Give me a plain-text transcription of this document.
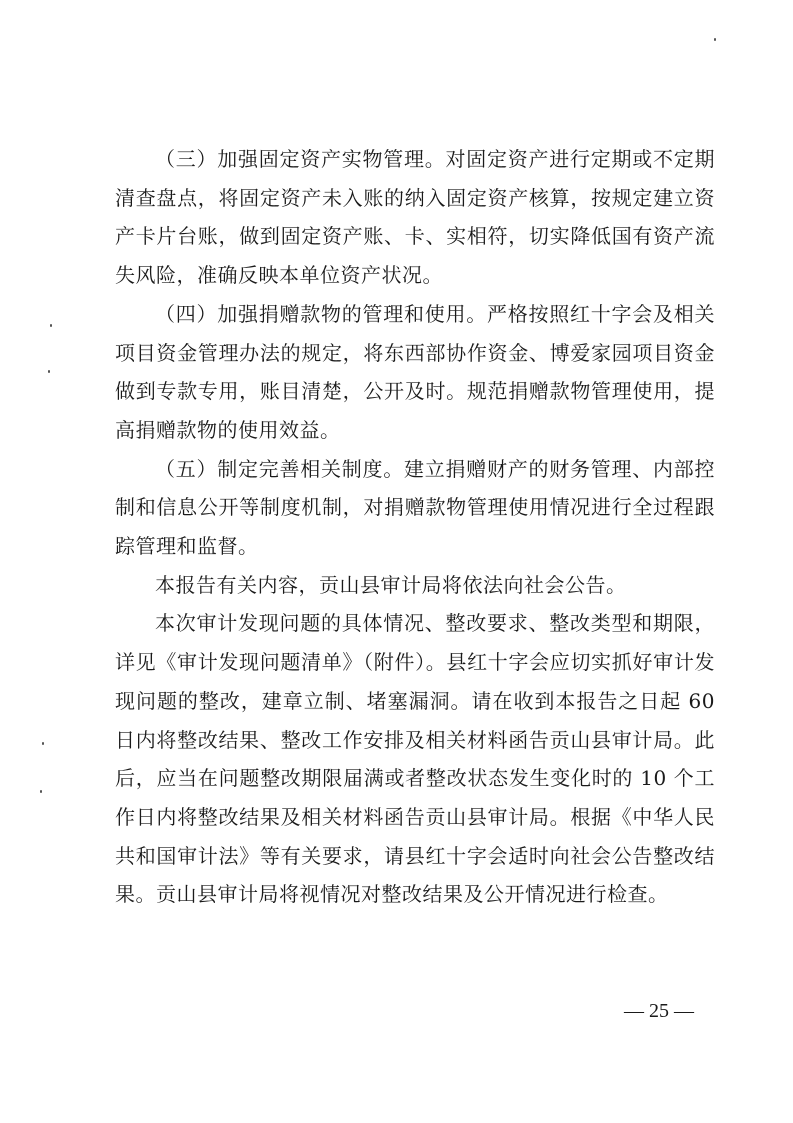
（三）加强固定资产实物管理。对固定资产进行定期或不定期清查盘点，将固定资产未入账的纳入固定资产核算，按规定建立资产卡片台账，做到固定资产账、卡、实相符，切实降低国有资产流失风险，准确反映本单位资产状况。

（四）加强捐赠款物的管理和使用。严格按照红十字会及相关项目资金管理办法的规定，将东西部协作资金、博爱家园项目资金做到专款专用，账目清楚，公开及时。规范捐赠款物管理使用，提高捐赠款物的使用效益。

（五）制定完善相关制度。建立捐赠财产的财务管理、内部控制和信息公开等制度机制，对捐赠款物管理使用情况进行全过程跟踪管理和监督。

本报告有关内容，贡山县审计局将依法向社会公告。

本次审计发现问题的具体情况、整改要求、整改类型和期限，详见《审计发现问题清单》（附件）。县红十字会应切实抓好审计发现问题的整改，建章立制、堵塞漏洞。请在收到本报告之日起 60 日内将整改结果、整改工作安排及相关材料函告贡山县审计局。此后，应当在问题整改期限届满或者整改状态发生变化时的 10 个工作日内将整改结果及相关材料函告贡山县审计局。根据《中华人民共和国审计法》等有关要求，请县红十字会适时向社会公告整改结果。贡山县审计局将视情况对整改结果及公开情况进行检查。

— 25 —
